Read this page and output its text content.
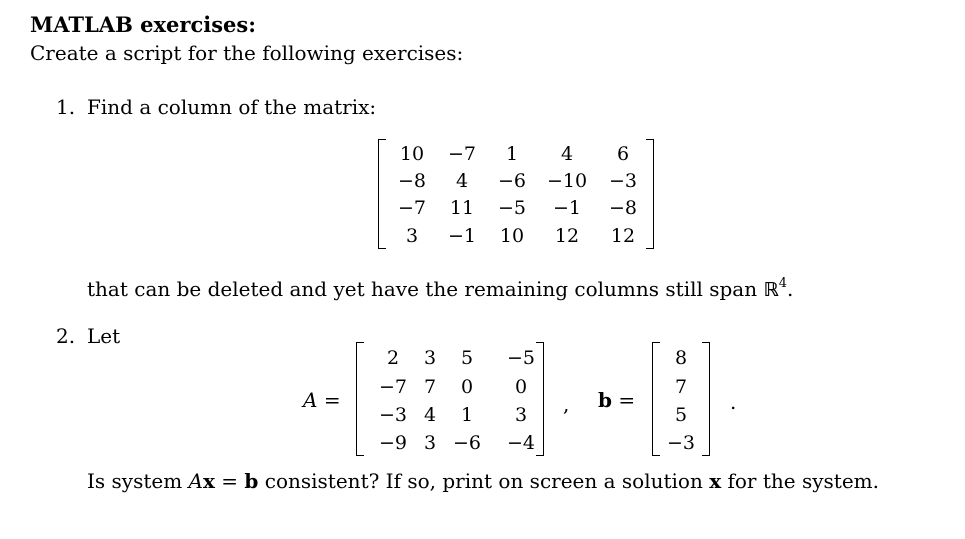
MATLAB exercises:
Create a script for the following exercises:
1. Find a column of the matrix:
10	−7	1	4	6
−8	4	−6	−10	−3
−7	11	−5	−1	−8
3	−1	10	12	12
that can be deleted and yet have the remaining columns still span ℝ$^4$.
2. Let
A =
2	3	5	−5
−7 7	0	0
−3 4	1	3
−9 3 −6	−4
, b =
8
7
5
−3
.
Is system Ax = b consistent? If so, print on screen a solution x for the system.
